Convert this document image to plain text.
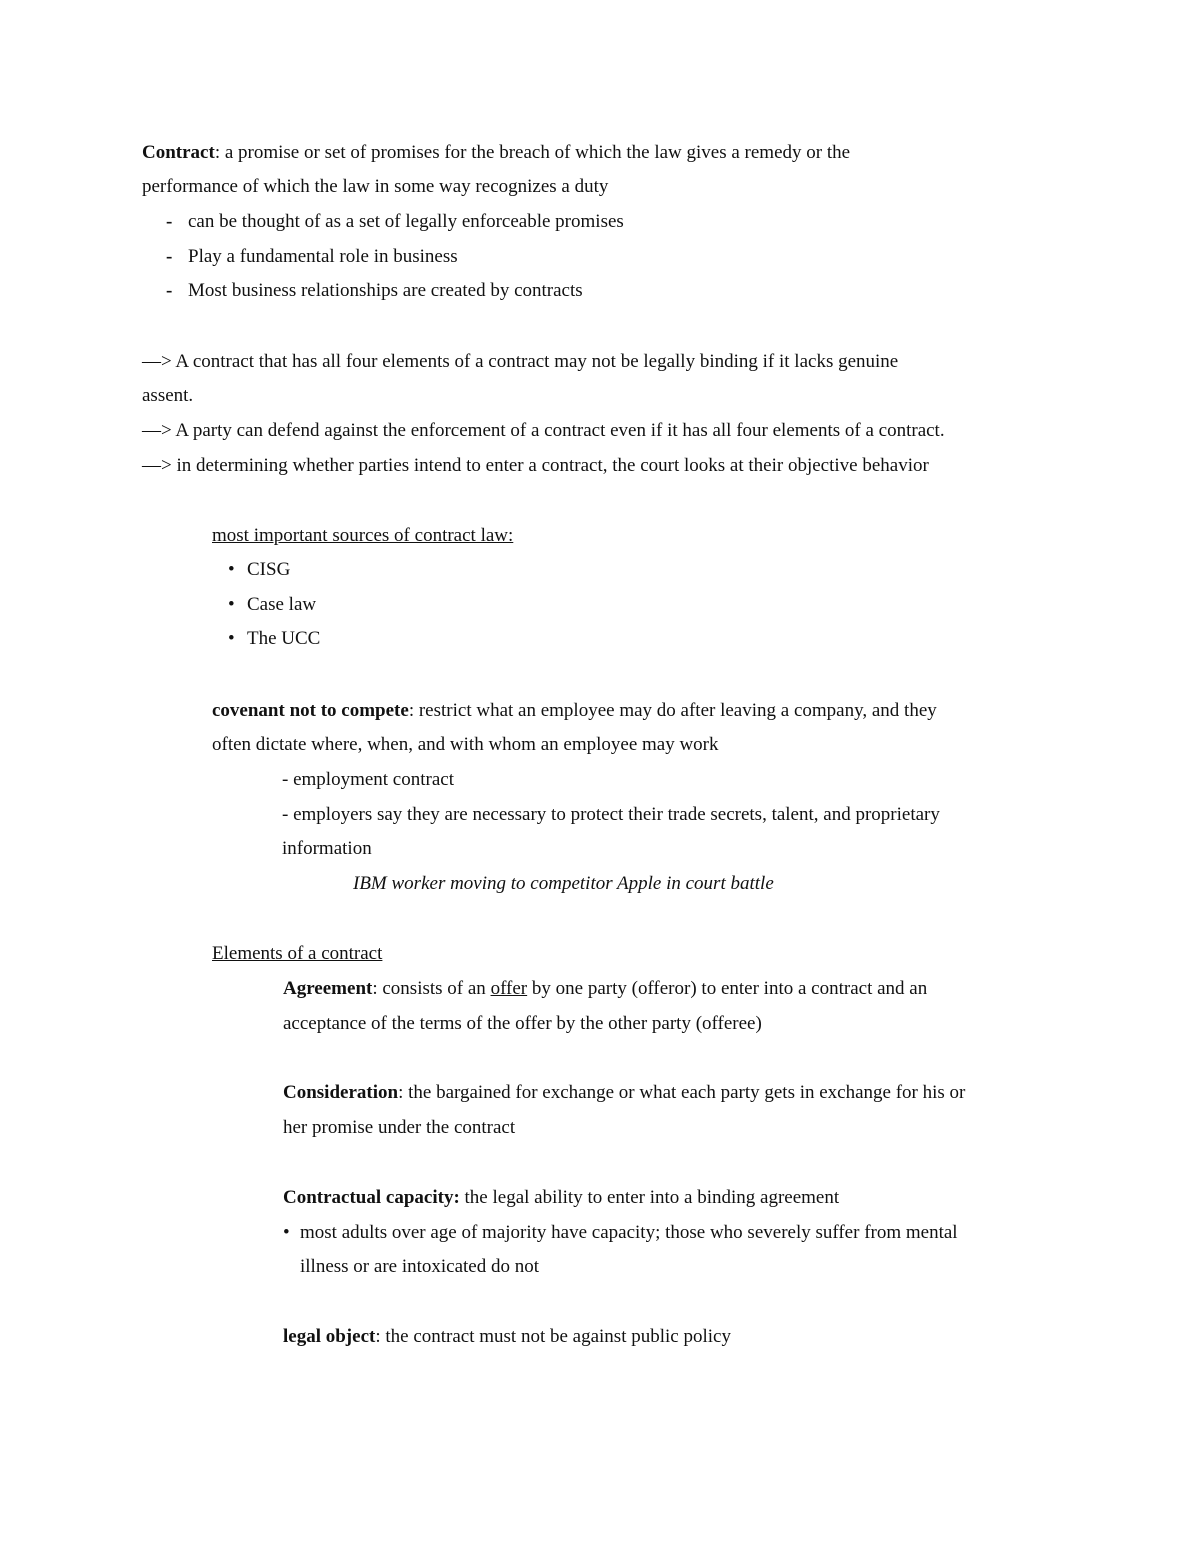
Contract: a promise or set of promises for the breach of which the law gives a remedy or the
performance of which the law in some way recognizes a duty
- can be thought of as a set of legally enforceable promises
- Play a fundamental role in business
- Most business relationships are created by contracts
—> A contract that has all four elements of a contract may not be legally binding if it lacks genuine
assent.
—> A party can defend against the enforcement of a contract even if it has all four elements of a contract.
—> in determining whether parties intend to enter a contract, the court looks at their objective behavior
most important sources of contract law:
• CISG
• Case law
• The UCC
covenant not to compete: restrict what an employee may do after leaving a company, and they
often dictate where, when, and with whom an employee may work
- employment contract
- employers say they are necessary to protect their trade secrets, talent, and proprietary
information
IBM worker moving to competitor Apple in court battle
Elements of a contract
Agreement: consists of an offer by one party (offeror) to enter into a contract and an
acceptance of the terms of the offer by the other party (offeree)
Consideration: the bargained for exchange or what each party gets in exchange for his or
her promise under the contract
Contractual capacity: the legal ability to enter into a binding agreement
• most adults over age of majority have capacity; those who severely suffer from mental
illness or are intoxicated do not
legal object: the contract must not be against public policy
